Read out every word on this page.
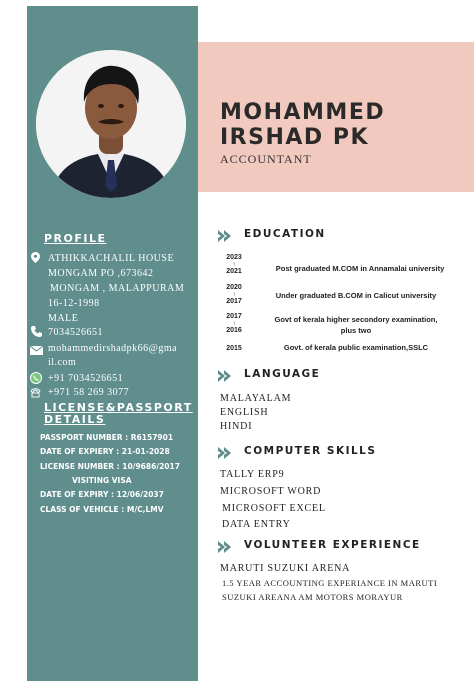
MOHAMMED
IRSHAD PK
ACCOUNTANT
PROFILE
ATHIKKACHALIL HOUSE
MONGAM PO ,673642
MONGAM , MALAPPURAM
16-12-1998
MALE
7034526651
mohammedirshadpk66@gma
il.com
+91 7034526651
+971 58 269 3077
LICENSE&PASSPORT
DETAILS
PASSPORT NUMBER : R6157901
DATE OF EXPIERY : 21-01-2028
LICENSE NUMBER : 10/9686/2017
VISITING VISA
DATE OF EXPIRY : 12/06/2037
CLASS OF VEHICLE : M/C,LMV
EDUCATION
2023
↑
2021	Post graduated M.COM in Annamalai university
2020
↑
2017
Under graduated B.COM in Calicut university
2017
↑
2016
Govt of kerala higher secondory examination,
plus two
2015	Govt. of kerala public examination,SSLC
LANGUAGE
MALAYALAM
ENGLISH
HINDI
COMPUTER SKILLS
TALLY ERP9
MICROSOFT WORD
MICROSOFT EXCEL
DATA ENTRY
VOLUNTEER EXPERIENCE
MARUTI SUZUKI ARENA
1.5 YEAR ACCOUNTING EXPERIANCE IN MARUTI
SUZUKI AREANA AM MOTORS MORAYUR
